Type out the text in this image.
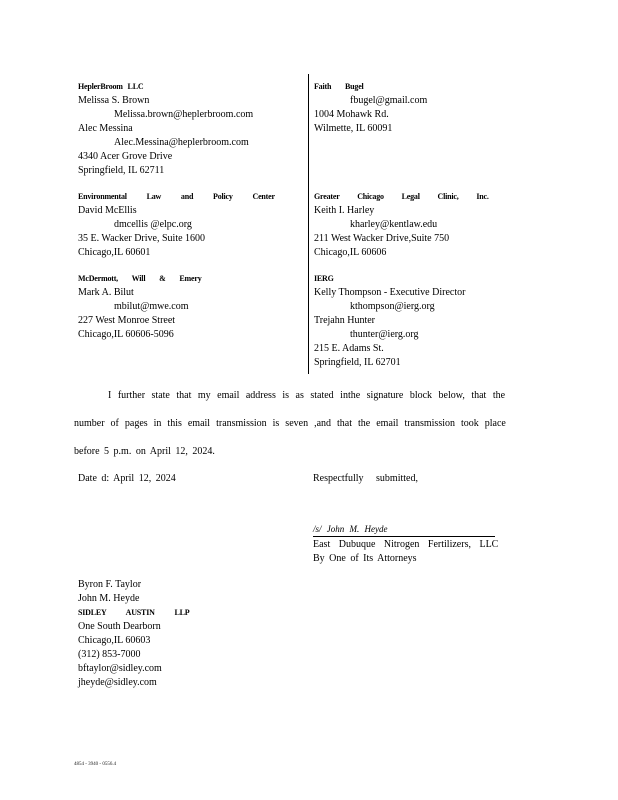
HeplerBroom LLC
Melissa S. Brown
Melissa.brown@heplerbroom.com
Alec Messina
Alec.Messina@heplerbroom.com
4340 Acer Grove Drive
Springfield, IL 62711
Environmental Law and Policy Center
David McEllis
dmcellis @elpc.org
35 E. Wacker Drive, Suite 1600
Chicago,IL 60601
McDermott, Will & Emery
Mark A. Bilut
mbilut@mwe.com
227 West Monroe Street
Chicago,IL 60606-5096
Faith Bugel
fbugel@gmail.com
1004 Mohawk Rd.
Wilmette, IL 60091
Greater Chicago Legal Clinic, Inc.
Keith I. Harley
kharley@kentlaw.edu
211 West Wacker Drive,Suite 750
Chicago,IL 60606
IERG
Kelly Thompson - Executive Director
kthompson@ierg.org
Trejahn Hunter
thunter@ierg.org
215 E. Adams St.
Springfield, IL 62701
I further state that my email address is as stated inthe signature block below, that the
number of pages in this email transmission is seven ,and that the email transmission took place
before 5 p.m. on April 12, 2024.
Date d: April 12, 2024	Respectfully submitted,
/s/ John M. Heyde
East Dubuque Nitrogen Fertilizers, LLC
By One of Its Attorneys
Byron F. Taylor
John M. Heyde
SIDLEY AUSTIN LLP
One South Dearborn
Chicago,IL 60603
(312) 853-7000
bftaylor@sidley.com
jheyde@sidley.com
4854 - 3940 - 0556.4
